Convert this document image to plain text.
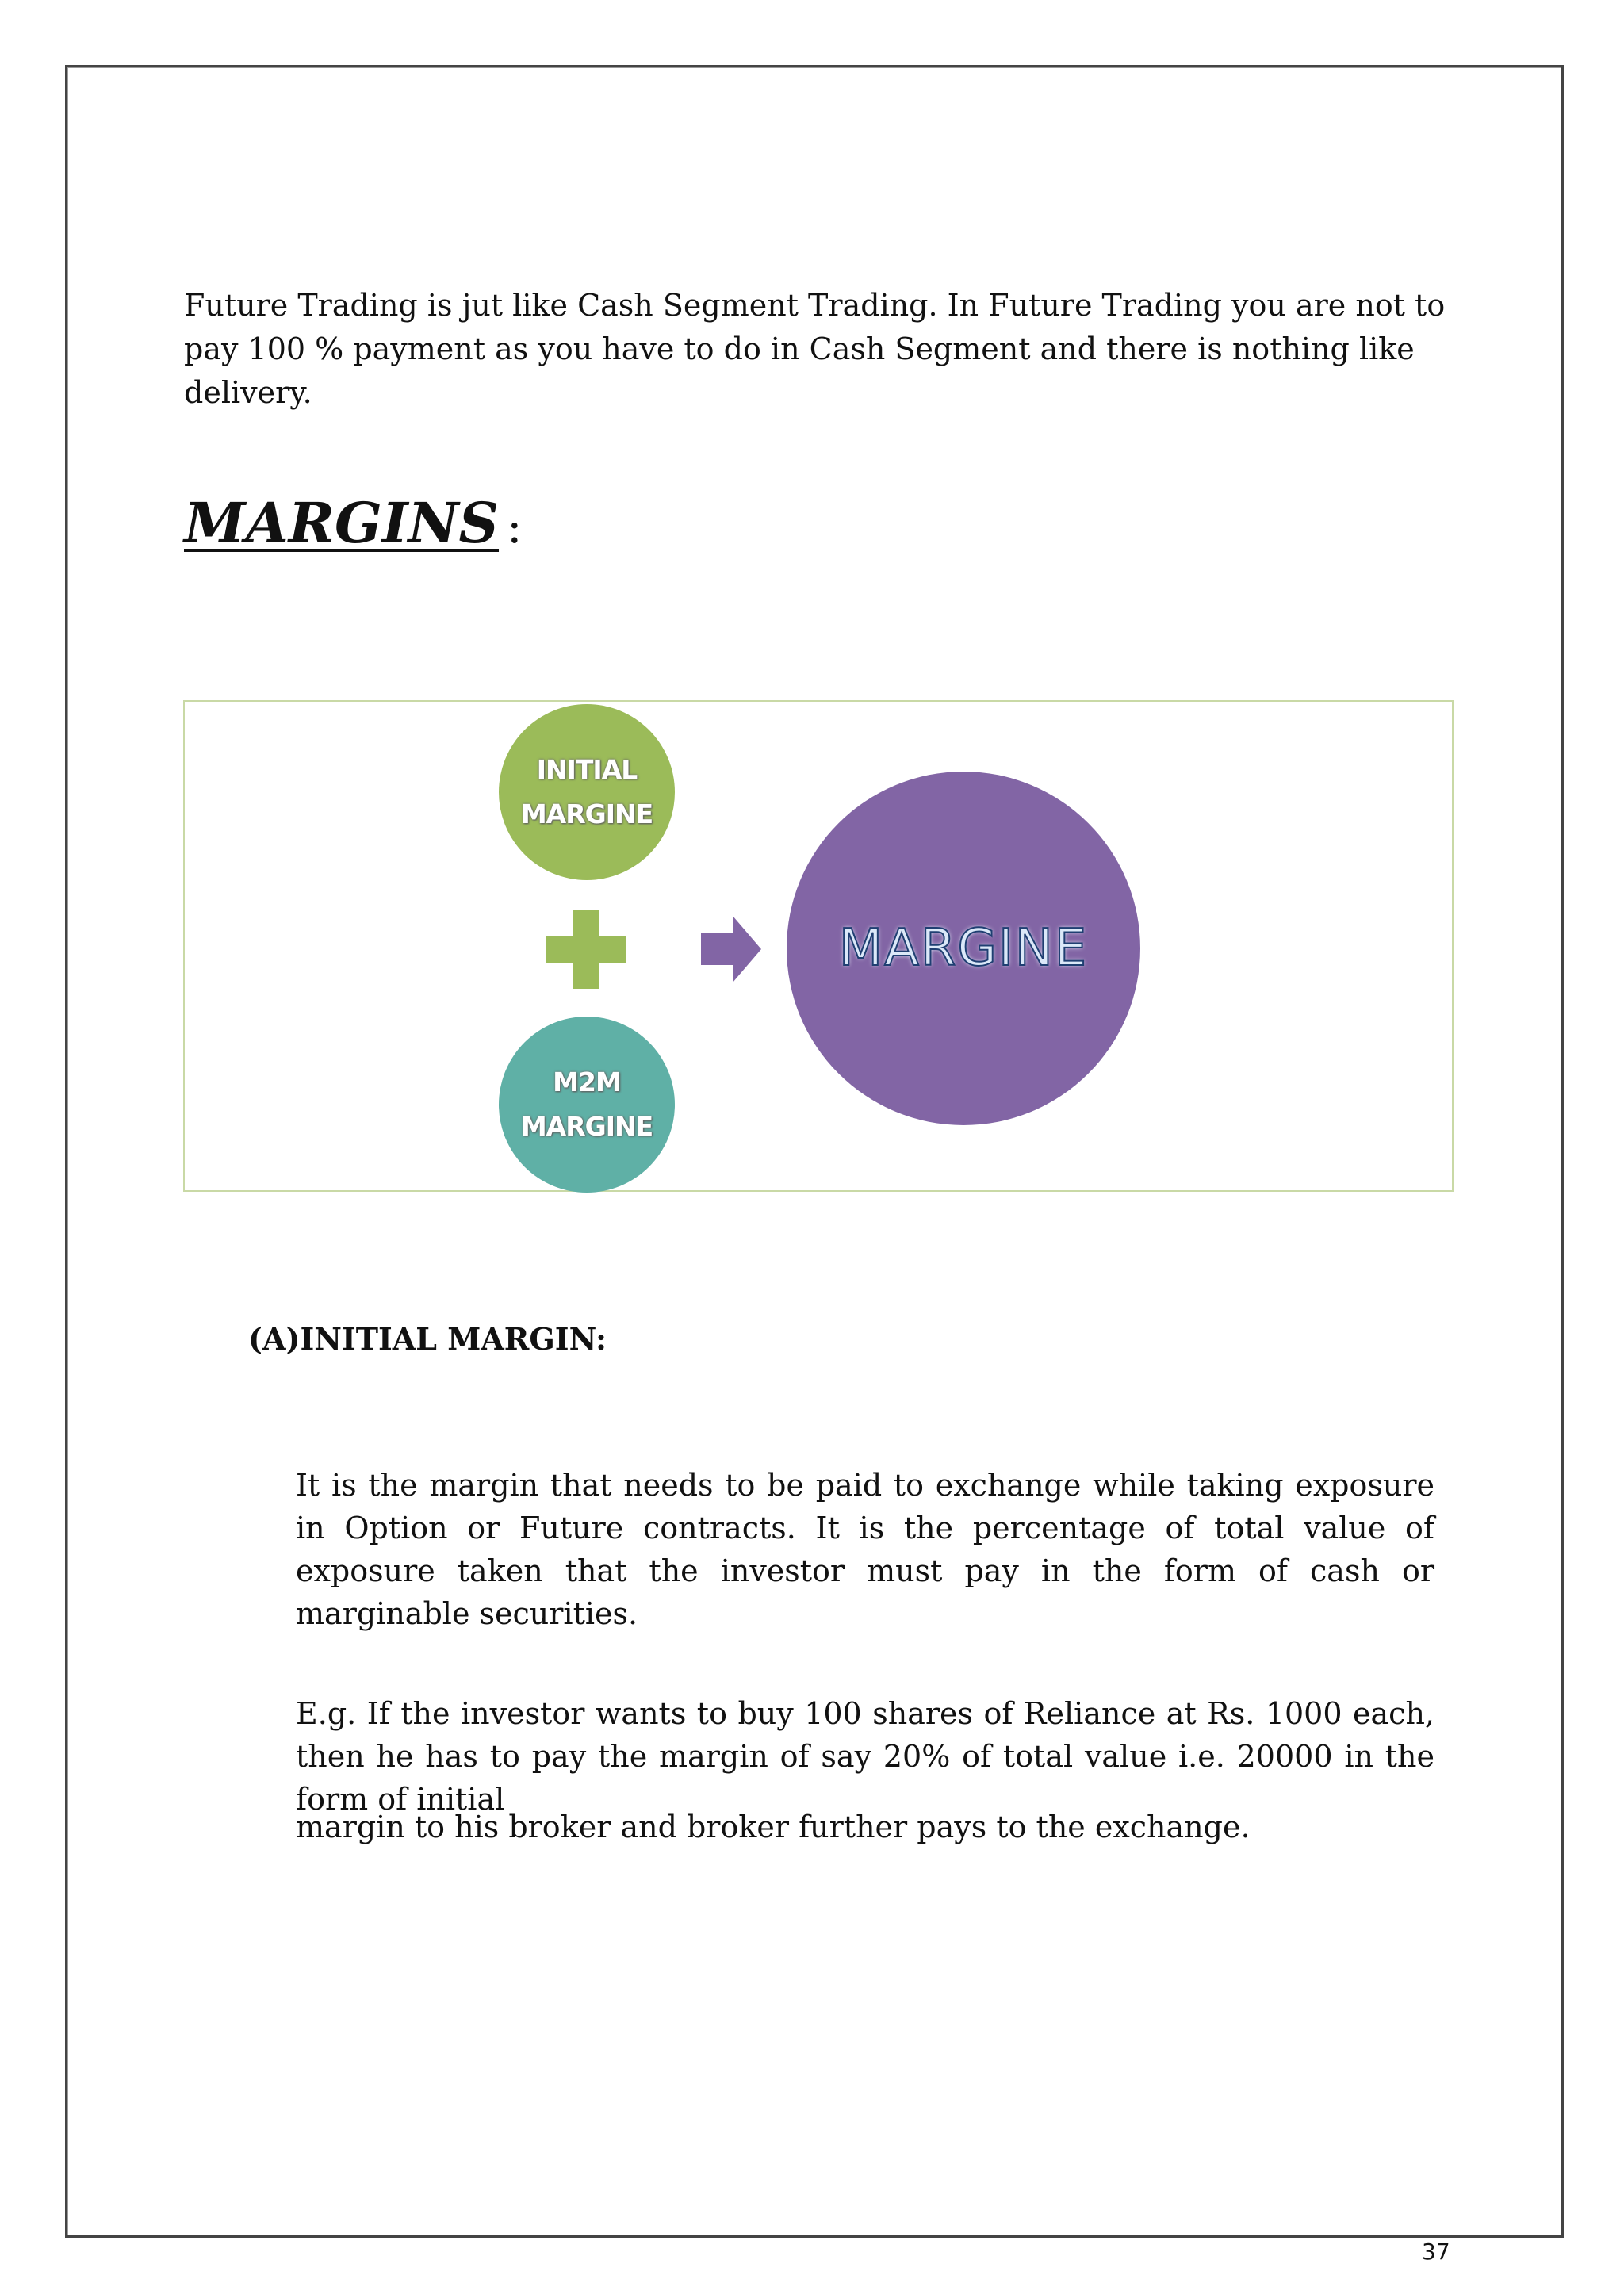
Future Trading is jut like Cash Segment Trading. In Future Trading you are not to pay 100 % payment as you have to do in Cash Segment and there is nothing like delivery.

MARGINS :
INITIAL
MARGINE
M2M
MARGINE
MARGINE
(A)INITIAL MARGIN:

It is the margin that needs to be paid to exchange while taking exposure in Option or Future contracts. It is the percentage of total value of exposure taken that the investor must pay in the form of cash or marginable securities.

E.g. If the investor wants to buy 100 shares of Reliance at Rs. 1000 each, then he has to pay the margin of say 20% of total value i.e. 20000 in the form of initial

margin to his broker and broker further pays to the exchange.

37
